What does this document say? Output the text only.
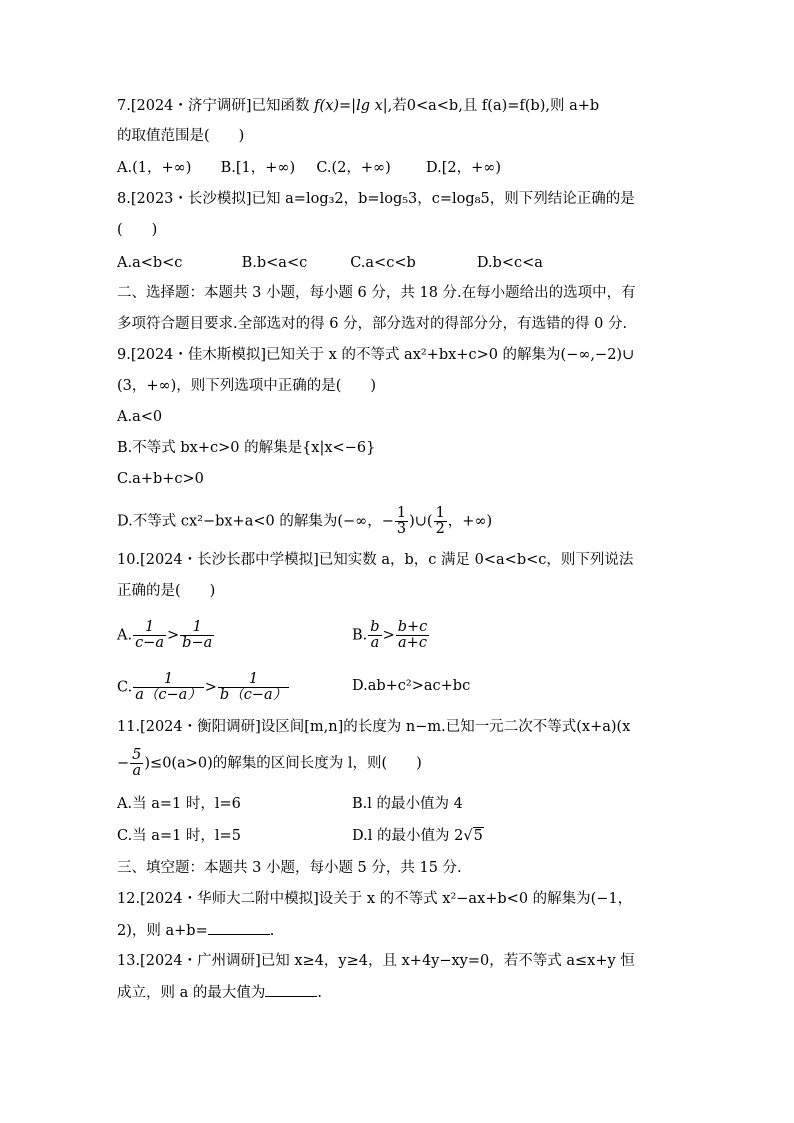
7.[2024・济宁调研]已知函数 f(x)=|lg x|,若0<a<b,且 f(a)=f(b),则 a+b
的取值范围是(　　)
A.(1，+∞) B.[1，+∞) C.(2，+∞) D.[2，+∞)
8.[2023・长沙模拟]已知 a=log₃2，b=log₅3，c=log₈5，则下列结论正确的是
(　　)
A.a<b<c	B.b<a<c	C.a<c<b	D.b<c<a
二、选择题：本题共 3 小题，每小题 6 分，共 18 分.在每小题给出的选项中，有
多项符合题目要求.全部选对的得 6 分，部分选对的得部分分，有选错的得 0 分.
9.[2024・佳木斯模拟]已知关于 x 的不等式 ax²+bx+c>0 的解集为(−∞,−2)∪
(3，+∞)，则下列选项中正确的是(　　)
A.a<0
B.不等式 bx+c>0 的解集是{x|x<−6}
C.a+b+c>0
D.不等式 cx²−bx+a<0 的解集为(−∞，− $\frac{1}{3}$ )∪( $\frac{1}{2}$ ，+∞)
10.[2024・长沙长郡中学模拟]已知实数 a，b，c 满足 0<a<b<c，则下列说法
正确的是(　　)
A. $\frac{1}{c-a} > \frac{1}{b-a}$	B. $\frac{b}{a} > \frac{b+c}{a+c}$
C. $\frac{1}{a(c-a)} > \frac{1}{b(c-a)}$	D.ab+c²>ac+bc
11.[2024・衡阳调研]设区间[m,n]的长度为 n−m.已知一元二次不等式(x+a)(x
− $\frac{5}{a} )\le 0(a>0)$的解集的区间长度为 l，则(　　)
A.当 a=1 时，l=6	B.l 的最小值为 4
C.当 a=1 时，l=5	D.l 的最小值为 2√5
三、填空题：本题共 3 小题，每小题 5 分，共 15 分.
12.[2024・华师大二附中模拟]设关于 x 的不等式 x²−ax+b<0 的解集为(−1，
2)，则 a+b=	.
13.[2024・广州调研]已知 x≥4，y≥4，且 x+4y−xy=0，若不等式 a≤x+y 恒
成立，则 a 的最大值为	.
